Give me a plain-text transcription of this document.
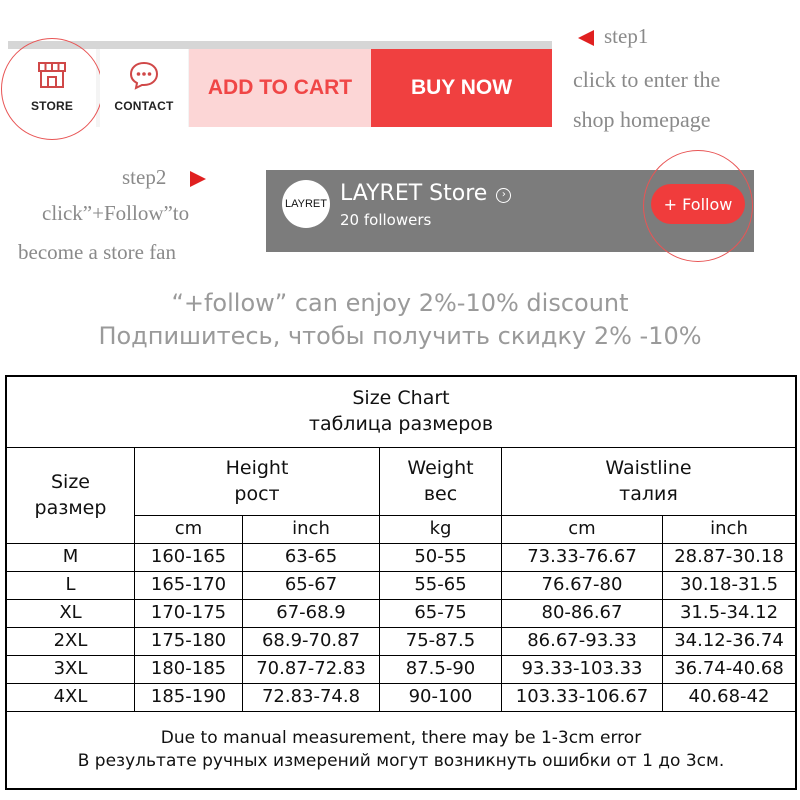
STORE	CONTACT
ADD TO CART	BUY NOW
step1
click to enter the
shop homepage
step2
click”+Follow”to
become a store fan
LAYRET LAYRET Store ›
20 followers
+ Follow
“+follow” can enjoy 2%-10% discount
Подпишитесь, чтобы получить скидку 2% -10%
Size Chart
таблица размеров
Size
размер
Height
рост
Weight
вес
Waistline
талия
cm	inch	kg	cm	inch
M	160-165	63-65	50-55	73.33-76.67	28.87-30.18
L	165-170	65-67	55-65	76.67-80	30.18-31.5
XL	170-175	67-68.9	65-75	80-86.67	31.5-34.12
2XL	175-180	68.9-70.87	75-87.5	86.67-93.33	34.12-36.74
3XL	180-185	70.87-72.83	87.5-90	93.33-103.33	36.74-40.68
4XL	185-190	72.83-74.8	90-100	103.33-106.67	40.68-42
Due to manual measurement, there may be 1-3cm error
В результате ручных измерений могут возникнуть ошибки от 1 до 3см.
